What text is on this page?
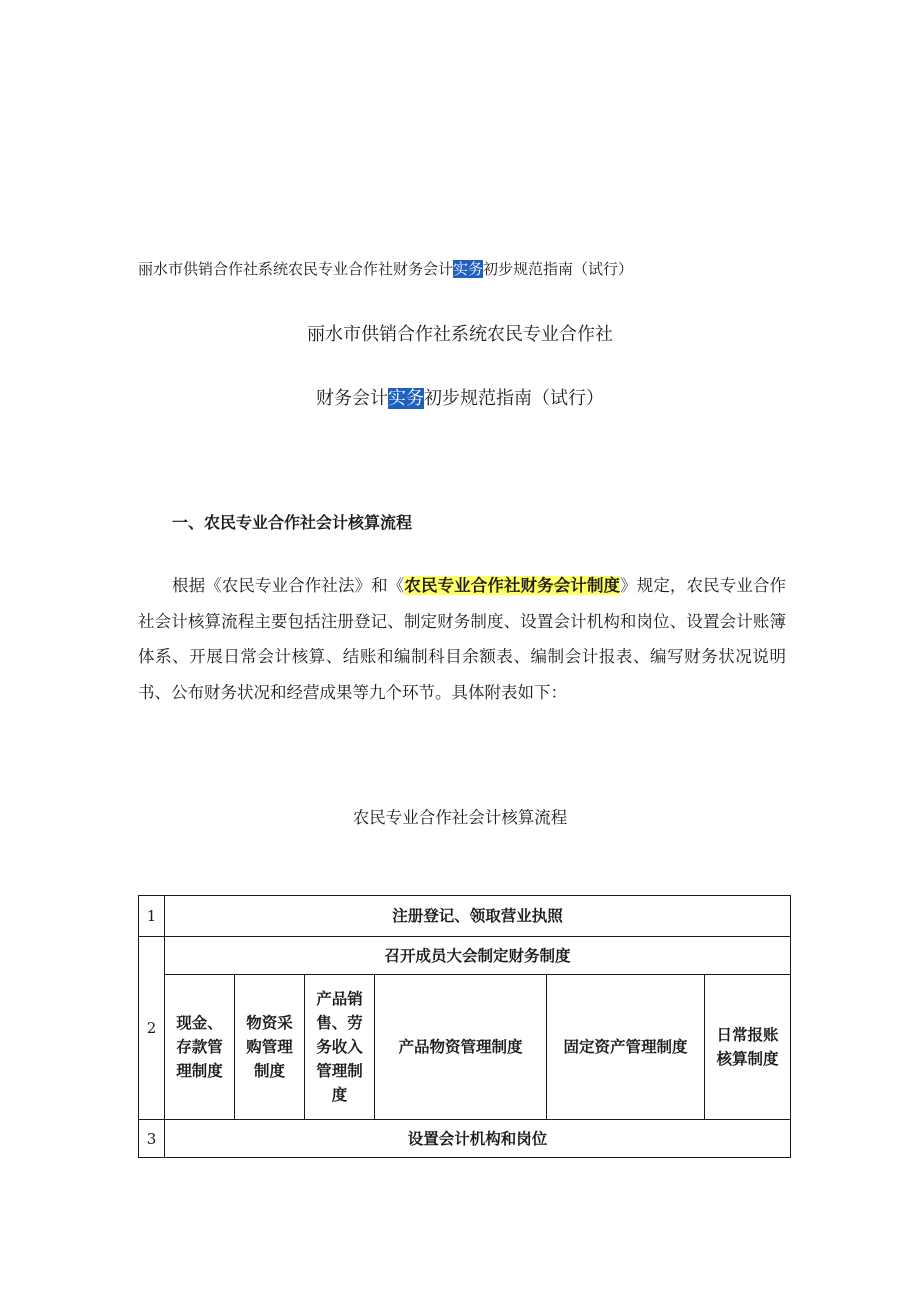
丽水市供销合作社系统农民专业合作社财务会计实务初步规范指南（试行）
丽水市供销合作社系统农民专业合作社
财务会计实务初步规范指南（试行）
一、农民专业合作社会计核算流程
根据《农民专业合作社法》和《农民专业合作社财务会计制度》规定，农民专业合作社会计核算流程主要包括注册登记、制定财务制度、设置会计机构和岗位、设置会计账簿体系、开展日常会计核算、结账和编制科目余额表、编制会计报表、编写财务状况说明书、公布财务状况和经营成果等九个环节。具体附表如下：
农民专业合作社会计核算流程
1	注册登记、领取营业执照					
2	召开成员大会制定财务制度					
	现金、存款管理制度	物资采购管理制度	产品销售、劳务收入管理制度	产品物资管理制度	固定资产管理制度	日常报账核算制度
3	设置会计机构和岗位					
